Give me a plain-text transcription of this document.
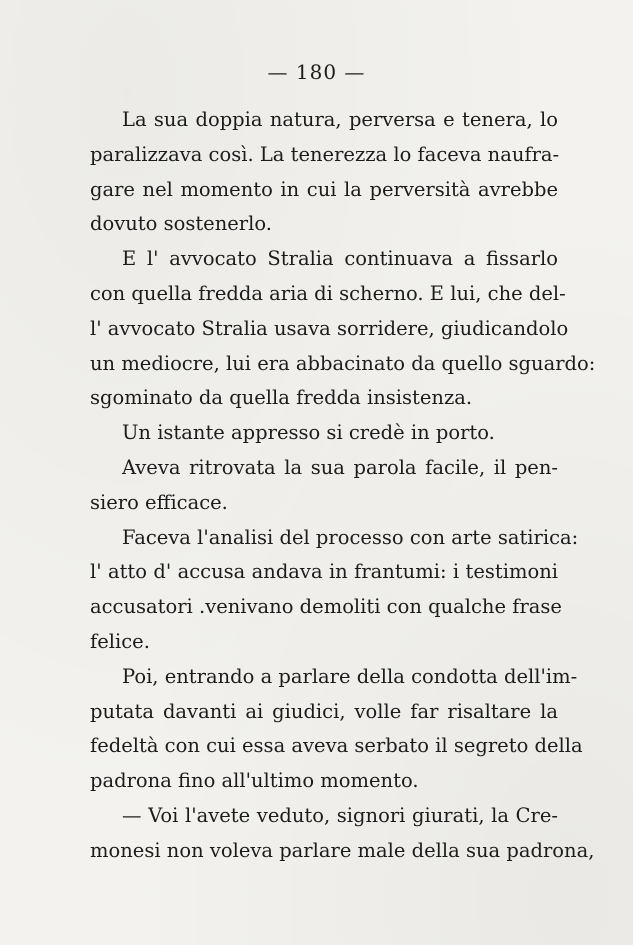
— 180 —
La sua doppia natura, perversa e tenera, lo
paralizzava così. La tenerezza lo faceva naufra-
gare nel momento in cui la perversità avrebbe
dovuto sostenerlo.
E l' avvocato Stralia continuava a fissarlo
con quella fredda aria di scherno. E lui, che del-
l' avvocato Stralia usava sorridere, giudicandolo
un mediocre, lui era abbacinato da quello sguardo:
sgominato da quella fredda insistenza.
Un istante appresso si credè in porto.
Aveva ritrovata la sua parola facile, il pen-
siero efficace.
Faceva l'analisi del processo con arte satirica:
l' atto d' accusa andava in frantumi: i testimoni
accusatori .venivano demoliti con qualche frase
felice.
Poi, entrando a parlare della condotta dell'im-
putata davanti ai giudici, volle far risaltare la
fedeltà con cui essa aveva serbato il segreto della
padrona fino all'ultimo momento.
— Voi l'avete veduto, signori giurati, la Cre-
monesi non voleva parlare male della sua padrona,
